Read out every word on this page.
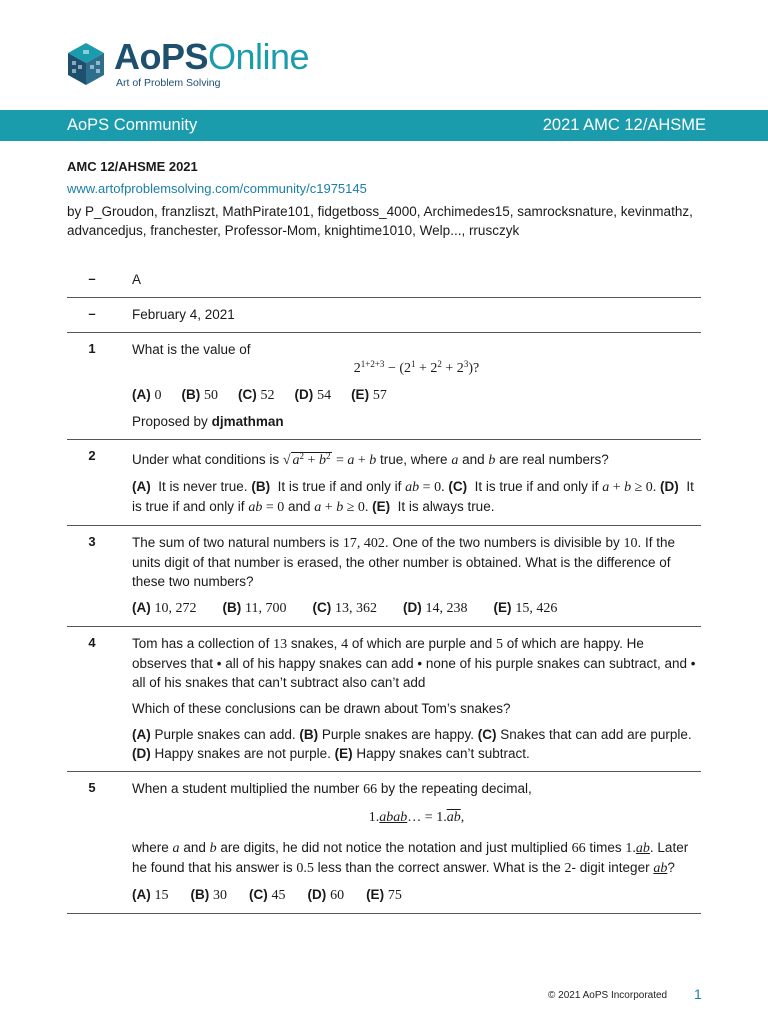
AoPSOnline
Art of Problem Solving
AoPS Community	2021 AMC 12/AHSME
AMC 12/AHSME 2021
www.artofproblemsolving.com/community/c1975145
by P_Groudon, franzliszt, MathPirate101, fidgetboss_4000, Archimedes15, samrocksnature, kevinmathz, advancedjus, franchester, Professor-Mom, knightime1010, Welp..., rrusczyk
–	A

–	February 4, 2021

1	What is the value of

$2^{1+2+3} - (2^1 + 2^2 + 2^3)$?

(A) 0 (B) 50 (C) 52 (D) 54 (E) 57

Proposed by djmathman

2	Under what conditions is √ $a^2 + b^2 = a + b$ true, where a and b are real numbers?

(A) It is never true. (B) It is true if and only if ab = 0. (C) It is true if and only if a + b ≥ 0. (D) It is true if and only if ab = 0 and a + b ≥ 0. (E) It is always true.

3	The sum of two natural numbers is 17, 402. One of the two numbers is divisible by 10. If the units digit of that number is erased, the other number is obtained. What is the difference of these two numbers?

(A) 10, 272 (B) 11, 700 (C) 13, 362 (D) 14, 238 (E) 15, 426

4	Tom has a collection of 13 snakes, 4 of which are purple and 5 of which are happy. He observes that • all of his happy snakes can add • none of his purple snakes can subtract, and • all of his snakes that can’t subtract also can’t add

Which of these conclusions can be drawn about Tom’s snakes?

(A) Purple snakes can add. (B) Purple snakes are happy. (C) Snakes that can add are purple. (D) Happy snakes are not purple. (E) Happy snakes can’t subtract.

5	When a student multiplied the number 66 by the repeating decimal,

1.abab… = $1.\overline{ab}$,

where a and b are digits, he did not notice the notation and just multiplied 66 times 1.ab. Later he found that his answer is 0.5 less than the correct answer. What is the 2- digit integer ab?

(A) 15 (B) 30 (C) 45 (D) 60 (E) 75

© 2021 AoPS Incorporated 1
